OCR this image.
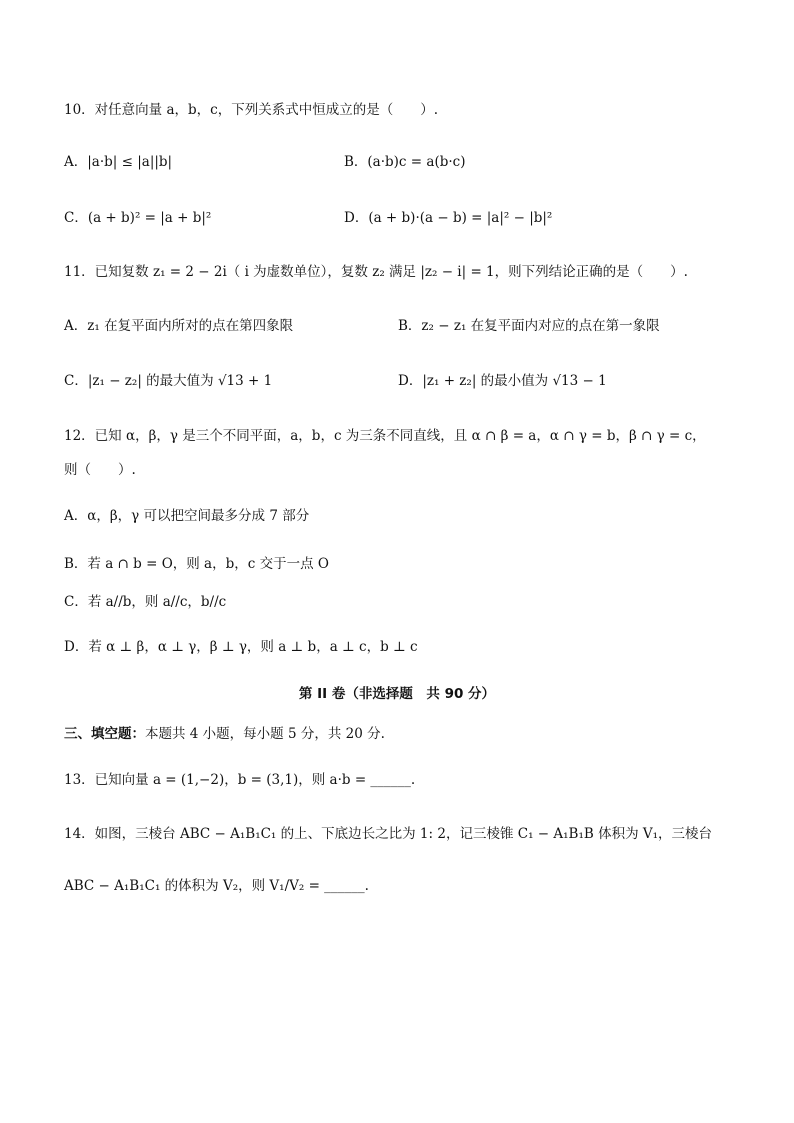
10．对任意向量 a，b，c，下列关系式中恒成立的是（　　）.
A．|a·b| ≤ |a||b|	B．(a·b)c = a(b·c)
C．(a + b)² = |a + b|²	D．(a + b)·(a − b) = |a|² − |b|²
11．已知复数 z₁ = 2 − 2i（ i 为虚数单位），复数 z₂ 满足 |z₂ − i| = 1，则下列结论正确的是（　　）.
A．z₁ 在复平面内所对的点在第四象限	B．z₂ − z₁ 在复平面内对应的点在第一象限
C．|z₁ − z₂| 的最大值为 √13 + 1	D．|z₁ + z₂| 的最小值为 √13 − 1
12．已知 α，β，γ 是三个不同平面，a，b，c 为三条不同直线，且 α ∩ β = a，α ∩ γ = b，β ∩ γ = c，
则（　　）.
A．α，β，γ 可以把空间最多分成 7 部分
B．若 a ∩ b = O，则 a，b，c 交于一点 O
C．若 a//b，则 a//c，b//c
D．若 α ⊥ β，α ⊥ γ，β ⊥ γ，则 a ⊥ b，a ⊥ c，b ⊥ c
第 II 卷（非选择题　共 90 分）
三、填空题：本题共 4 小题，每小题 5 分，共 20 分.
13．已知向量 a = (1,−2)，b = (3,1)，则 a·b = ______.
14．如图，三棱台 ABC − A₁B₁C₁ 的上、下底边长之比为 1: 2，记三棱锥 C₁ − A₁B₁B 体积为 V₁，三棱台
ABC − A₁B₁C₁ 的体积为 V₂，则 V₁/V₂ = ______.
